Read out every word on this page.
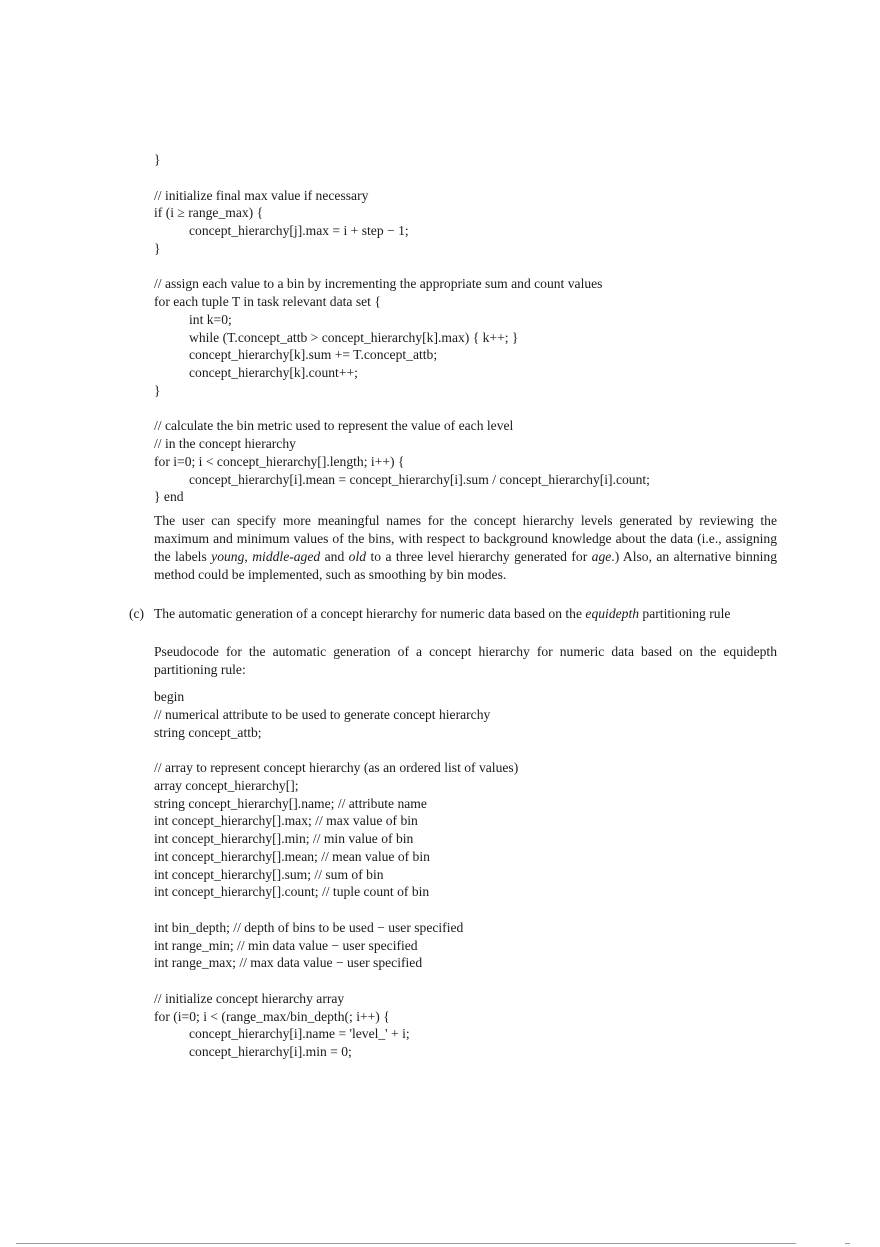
}
// initialize final max value if necessary
if (i ≥ range_max) {
concept_hierarchy[j].max = i + step − 1;
}
// assign each value to a bin by incrementing the appropriate sum and count values
for each tuple T in task relevant data set {
int k=0;
while (T.concept_attb > concept_hierarchy[k].max) { k++; }
concept_hierarchy[k].sum += T.concept_attb;
concept_hierarchy[k].count++;
}
// calculate the bin metric used to represent the value of each level
// in the concept hierarchy
for i=0; i < concept_hierarchy[].length; i++) {
concept_hierarchy[i].mean = concept_hierarchy[i].sum / concept_hierarchy[i].count;
} end

The user can specify more meaningful names for the concept hierarchy levels generated by reviewing the maximum and minimum values of the bins, with respect to background knowledge about the data (i.e., assigning the labels young, middle-aged and old to a three level hierarchy generated for age.) Also, an alternative binning method could be implemented, such as smoothing by bin modes.

(c) The automatic generation of a concept hierarchy for numeric data based on the equidepth partitioning rule

Pseudocode for the automatic generation of a concept hierarchy for numeric data based on the equidepth partitioning rule:

begin
// numerical attribute to be used to generate concept hierarchy
string concept_attb;
// array to represent concept hierarchy (as an ordered list of values)
array concept_hierarchy[];
string concept_hierarchy[].name; // attribute name
int concept_hierarchy[].max; // max value of bin
int concept_hierarchy[].min; // min value of bin
int concept_hierarchy[].mean; // mean value of bin
int concept_hierarchy[].sum; // sum of bin
int concept_hierarchy[].count; // tuple count of bin
int bin_depth; // depth of bins to be used − user specified
int range_min; // min data value − user specified
int range_max; // max data value − user specified
// initialize concept hierarchy array
for (i=0; i < (range_max/bin_depth(; i++) {
concept_hierarchy[i].name = 'level_' + i;
concept_hierarchy[i].min = 0;
